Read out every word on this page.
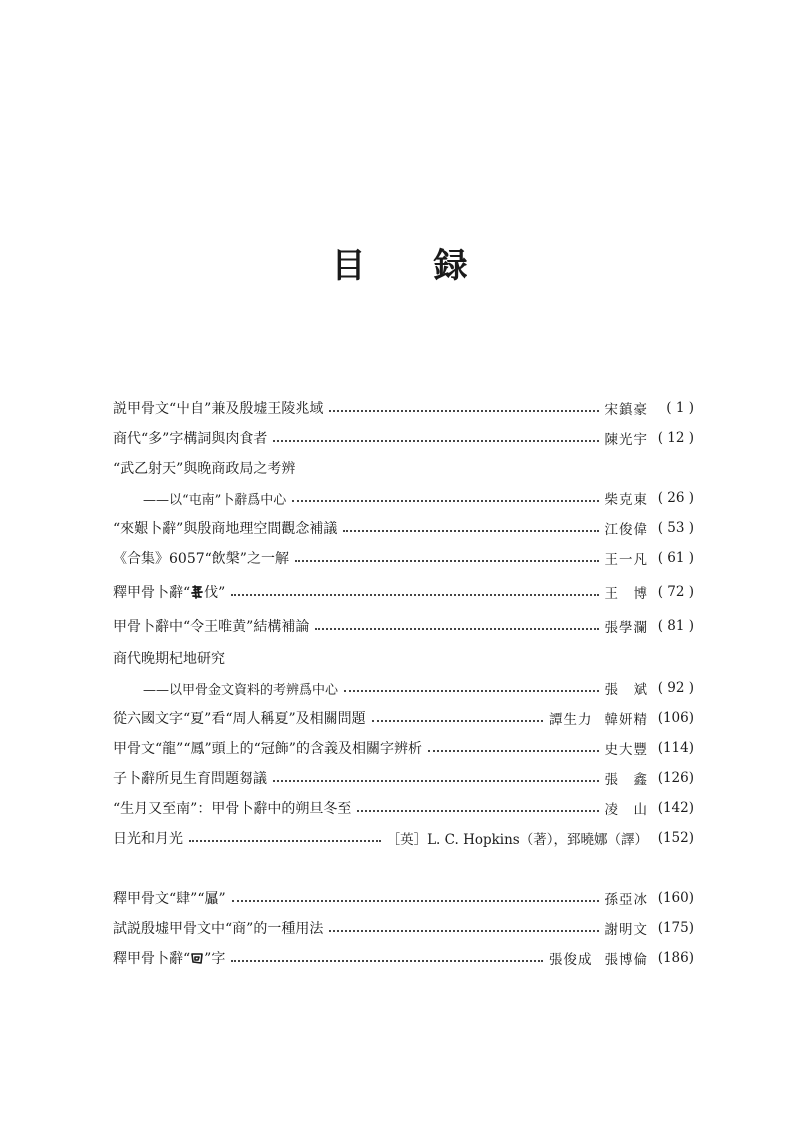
目 録
説甲骨文“屮自”兼及殷墟王陵兆域	宋鎮豪	( 1 )
商代“多”字構詞與肉食者	陳光宇 ( 12 )
“武乙射天”與晚商政局之考辨
——以“屯南”卜辭爲中心	柴克東 ( 26 )
“來艱卜辭”與殷商地理空間觀念補議	江俊偉 ( 53 )
《合集》6057“飲槃”之一解	王一凡 ( 61 )
釋甲骨卜辭“ 伐”	王　博 ( 72 )
甲骨卜辭中“令王唯黄”結構補論	張學瀾 ( 81 )
商代晚期杞地研究
——以甲骨金文資料的考辨爲中心	張　斌 ( 92 )
從六國文字“夏”看“周人稱夏”及相關問題	譚生力 韓妍精 (106)
甲骨文“龍”“鳳”頭上的“冠飾”的含義及相關字辨析	史大豐 (114)
子卜辭所見生育問題芻議	張　鑫 (126)
“生月又至南”：甲骨卜辭中的朔旦冬至	凌　山 (142)
日光和月光	［英］L. C. Hopkins（著），郅曉娜（譯） (152)
釋甲骨文“肆”“屭”	孫亞冰 (160)
試説殷墟甲骨文中“商”的一種用法	謝明文 (175)
釋甲骨卜辭“ ”字	張俊成 張博倫 (186)
